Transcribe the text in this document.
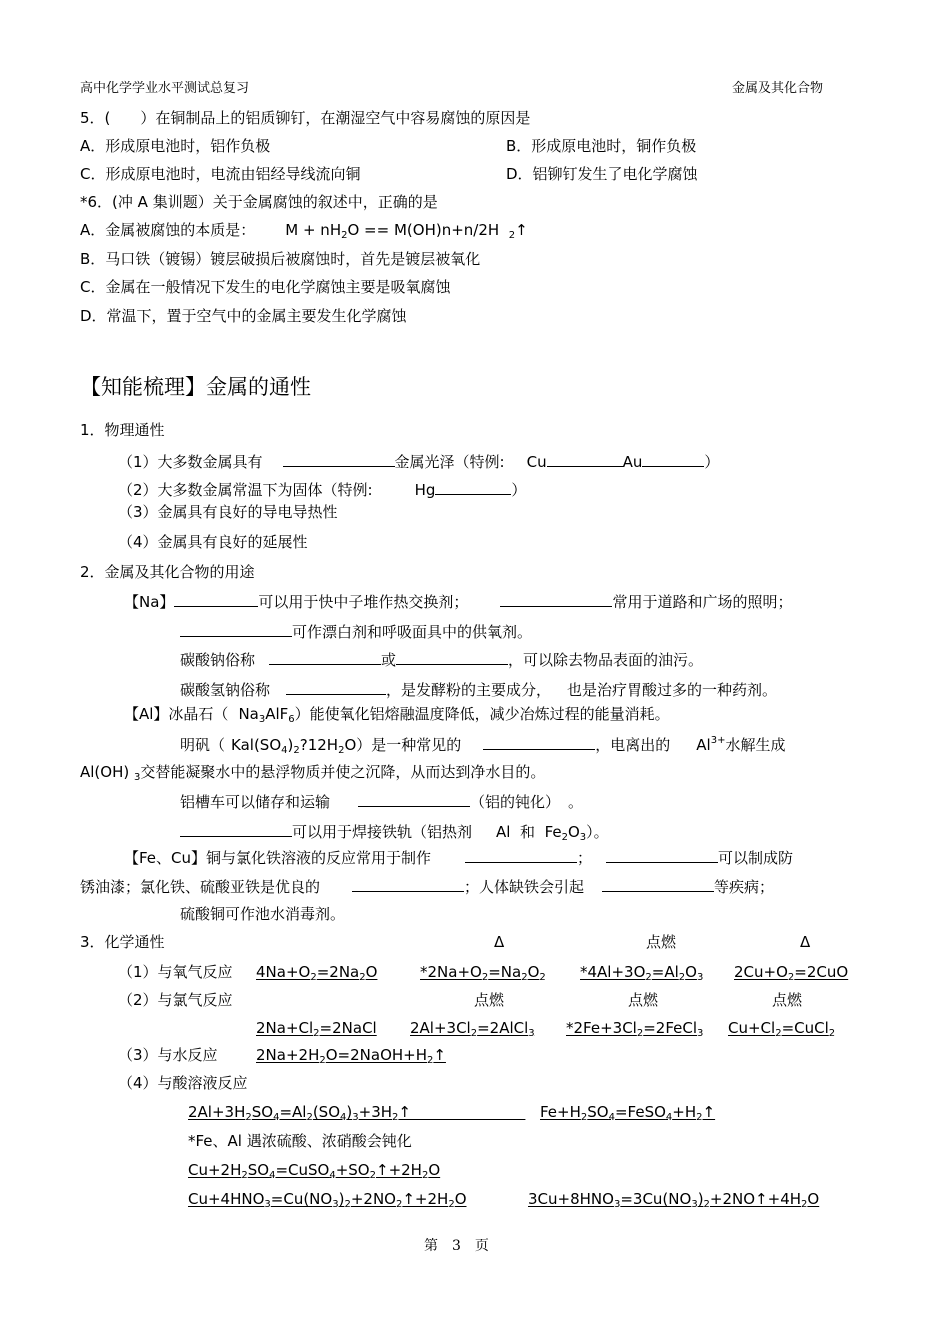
高中化学学业水平测试总复习	金属及其化合物
5．(　　）在铜制品上的铝质铆钉，在潮湿空气中容易腐蚀的原因是
A．形成原电池时，铝作负极	B．形成原电池时，铜作负极
C．形成原电池时，电流由铝经导线流向铜	D．铝铆钉发生了电化学腐蚀
*6．(冲 A 集训题）关于金属腐蚀的叙述中，正确的是
A．金属被腐蚀的本质是： $M + nH_2O == M(OH)n+n/2H$ $_2$↑
B．马口铁（镀锡）镀层破损后被腐蚀时，首先是镀层被氧化
C．金属在一般情况下发生的电化学腐蚀主要是吸氧腐蚀
D．常温下，置于空气中的金属主要发生化学腐蚀
【知能梳理】金属的通性
1．物理通性
（1）大多数金属具有	金属光泽（特例: Cu	Au	）
（2）大多数金属常温下为固体（特例:	Hg	）
（3）金属具有良好的导电导热性
（4）金属具有良好的延展性
2．金属及其化合物的用途
【Na】	可以用于快中子堆作热交换剂；	常用于道路和广场的照明；
可作漂白剂和呼吸面具中的供氧剂。
碳酸钠俗称	或	，可以除去物品表面的油污。
碳酸氢钠俗称	，是发酵粉的主要成分， 也是治疗胃酸过多的一种药剂。
【Al】冰晶石（ $Na_3AlF_6$）能使氧化铝熔融温度降低，减少冶炼过程的能量消耗。
明矾（ $Kal(SO_4)_2?12H_2O$）是一种常见的	，电离出的 $Al^{3+}$水解生成
Al(OH) $_3$交替能凝聚水中的悬浮物质并使之沉降，从而达到净水目的。
铝槽车可以储存和运输	（铝的钝化） 。
可以用于焊接铁轨（铝热剂 Al 和 $Fe_2O_3$）。
【Fe、Cu】铜与氯化铁溶液的反应常用于制作	；	可以制成防
锈油漆；氯化铁、硫酸亚铁是优良的	；人体缺铁会引起	等疾病；
硫酸铜可作池水消毒剂。
3．化学通性	Δ	点燃	Δ
（1）与氧气反应 $4Na+O_2=2Na_2O$	$*2Na+O_2=Na_2O_2$ $*4Al+3O_2=Al_2O_3$ $2Cu+O_2=2CuO$
（2）与氯气反应	点燃	点燃	点燃
$2Na+Cl_2=2NaCl$ $2Al+3Cl_2=2AlCl_3$ $*2Fe+3Cl_2=2FeCl_3$ $Cu+Cl_2=CuCl_2$
（3）与水反应	$2Na+2H_2O=2NaOH+H_2↑$
（4）与酸溶液反应
$2Al+3H_2SO_4=Al_2(SO_4)_3+3H_2↑$ $Fe+H_2SO_4=FeSO_4+H_2↑$
*Fe、Al 遇浓硫酸、浓硝酸会钝化
$Cu+2H_2SO_4=CuSO_4+SO_2↑+2H_2O$
$Cu+4HNO_3=Cu(NO_3)_2+2NO_2↑+2H_2O$	$3Cu+8HNO_3=3Cu(NO_3)_2+2NO↑+4H_2O$
第　3　页
